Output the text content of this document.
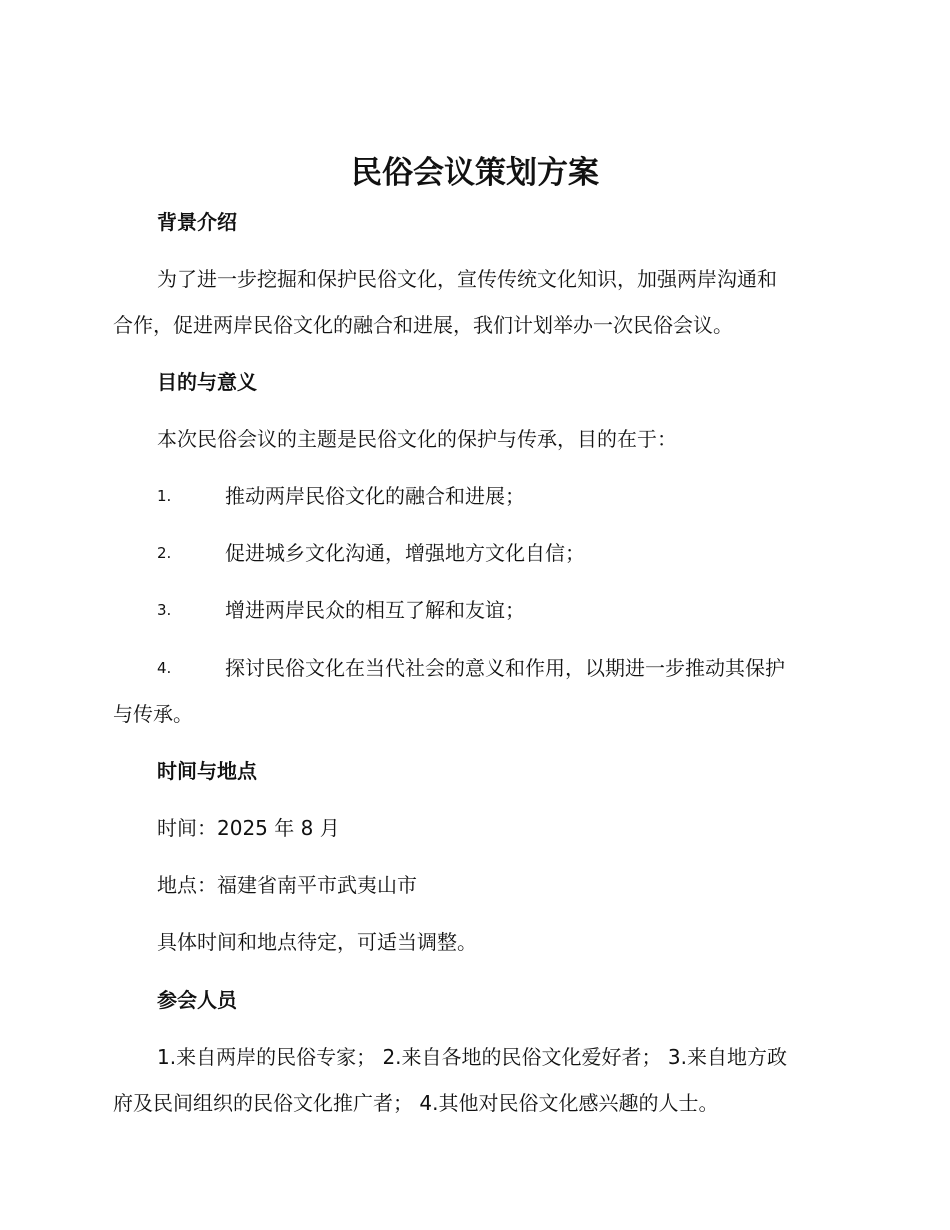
民俗会议策划方案
背景介绍
为了进一步挖掘和保护民俗文化，宣传传统文化知识，加强两岸沟通和
合作，促进两岸民俗文化的融合和进展，我们计划举办一次民俗会议。
目的与意义
本次民俗会议的主题是民俗文化的保护与传承，目的在于：
1.	推动两岸民俗文化的融合和进展；
2.	促进城乡文化沟通，增强地方文化自信；
3.	增进两岸民众的相互了解和友谊；
4.	探讨民俗文化在当代社会的意义和作用，以期进一步推动其保护
与传承。
时间与地点
时间：2025 年 8 月
地点：福建省南平市武夷山市
具体时间和地点待定，可适当调整。
参会人员
1.来自两岸的民俗专家； 2.来自各地的民俗文化爱好者； 3.来自地方政
府及民间组织的民俗文化推广者； 4.其他对民俗文化感兴趣的人士。
